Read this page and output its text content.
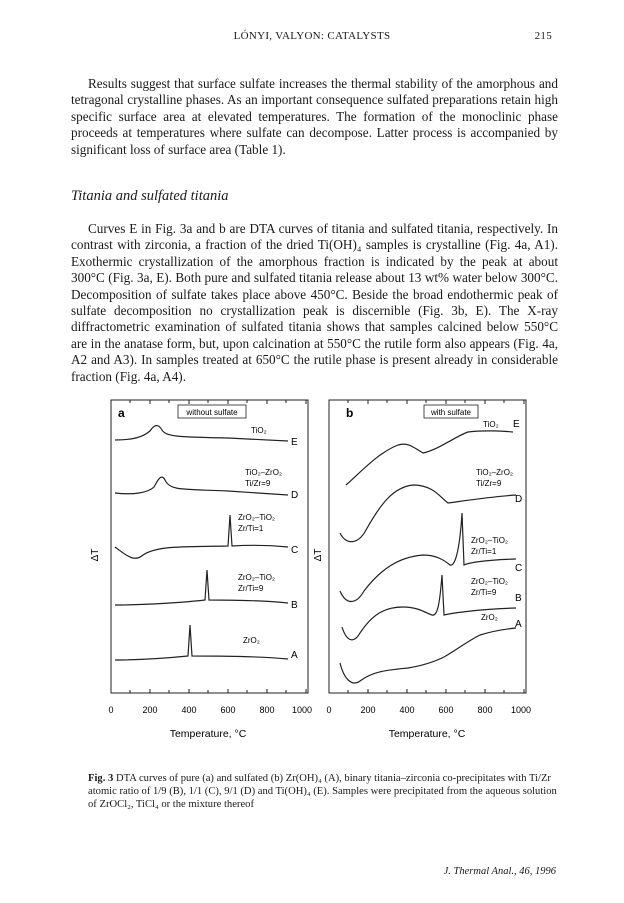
LÓNYI, VALYON: CATALYSTS	215

Results suggest that surface sulfate increases the thermal stability of the amorphous and tetragonal crystalline phases. As an important consequence sulfated preparations retain high specific surface area at elevated temperatures. The formation of the monoclinic phase proceeds at temperatures where sulfate can decompose. Latter process is accompanied by significant loss of surface area (Table 1).

Titania and sulfated titania

Curves E in Fig. 3a and b are DTA curves of titania and sulfated titania, respectively. In contrast with zirconia, a fraction of the dried Ti(OH)₄ samples is crystalline (Fig. 4a, A1). Exothermic crystallization of the amorphous fraction is indicated by the peak at about 300°C (Fig. 3a, E). Both pure and sulfated titania release about 13 wt% water below 300°C. Decomposition of sulfate takes place above 450°C. Beside the broad endothermic peak of sulfate decomposition no crystallization peak is discernible (Fig. 3b, E). The X-ray diffractometric examination of sulfated titania shows that samples calcined below 550°C are in the anatase form, but, upon calcination at 550°C the rutile form also appears (Fig. 4a, A2 and A3). In samples treated at 650°C the rutile phase is present already in considerable fraction (Fig. 4a, A4).

a	without sulfate
TiO₂
E
TiO₂–ZrO₂
Ti/Zr=9
D
ZrO₂–TiO₂
Zr/Ti=1
C
ZrO₂–TiO₂
Zr/Ti=9
B
ZrO₂
A
ΔT
0	200	400	600	800 1000
Temperature, °C
b	with sulfate
TiO₂ E
TiO₂–ZrO₂
Ti/Zr=9
D
ZrO₂–TiO₂
Zr/Ti=1
C
ZrO₂–TiO₂
Zr/Ti=9
B
ZrO₂
A
ΔT
0	200	400	600	800 1000
Temperature, °C
Fig. 3 DTA curves of pure (a) and sulfated (b) Zr(OH)₄ (A), binary titania–zirconia co-precipitates with Ti/Zr atomic ratio of 1/9 (B), 1/1 (C), 9/1 (D) and Ti(OH)₄ (E). Samples were precipitated from the aqueous solution of ZrOCl₂, TiCl₄ or the mixture thereof
J. Thermal Anal., 46, 1996
